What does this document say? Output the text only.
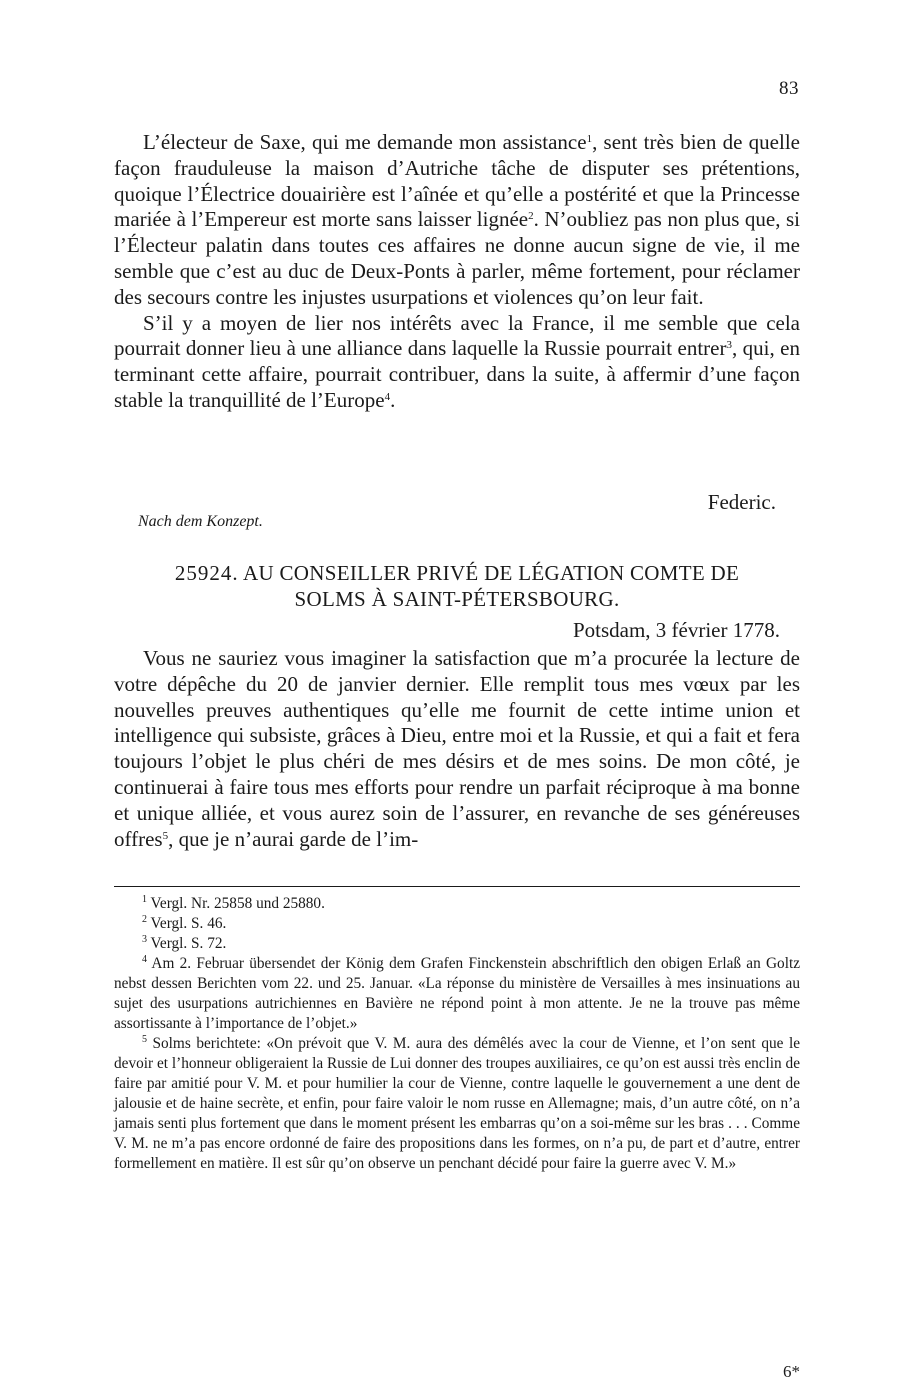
83

L’électeur de Saxe, qui me demande mon assistance$^1$, sent très bien de quelle façon frauduleuse la maison d’Autriche tâche de disputer ses prétentions, quoique l’Électrice douairière est l’aînée et qu’elle a postérité et que la Princesse mariée à l’Empereur est morte sans laisser lignée$^2$. N’oubliez pas non plus que, si l’Électeur palatin dans toutes ces affaires ne donne aucun signe de vie, il me semble que c’est au duc de Deux-Ponts à parler, même fortement, pour réclamer des secours contre les injustes usurpations et violences qu’on leur fait.

S’il y a moyen de lier nos intérêts avec la France, il me semble que cela pourrait donner lieu à une alliance dans laquelle la Russie pourrait entrer$^3$, qui, en terminant cette affaire, pourrait contribuer, dans la suite, à affermir d’une façon stable la tranquillité de l’Europe$^4$.

Federic.
Nach dem Konzept.
25924. AU CONSEILLER PRIVÉ DE LÉGATION COMTE DE
SOLMS À SAINT-PÉTERSBOURG.
Potsdam, 3 février 1778.

Vous ne sauriez vous imaginer la satisfaction que m’a procurée la lecture de votre dépêche du 20 de janvier dernier. Elle remplit tous mes vœux par les nouvelles preuves authentiques qu’elle me fournit de cette intime union et intelligence qui subsiste, grâces à Dieu, entre moi et la Russie, et qui a fait et fera toujours l’objet le plus chéri de mes désirs et de mes soins. De mon côté, je continuerai à faire tous mes efforts pour rendre un parfait réciproque à ma bonne et unique alliée, et vous aurez soin de l’assurer, en revanche de ses généreuses offres$^5$, que je n’aurai garde de l’im-

$^1$ Vergl. Nr. 25858 und 25880.

$^2$ Vergl. S. 46.

$^3$ Vergl. S. 72.

$^4$ Am 2. Februar übersendet der König dem Grafen Finckenstein abschriftlich den obigen Erlaß an Goltz nebst dessen Berichten vom 22. und 25. Januar. «La réponse du ministère de Versailles à mes insinuations au sujet des usurpations autrichiennes en Bavière ne répond point à mon attente. Je ne la trouve pas même assortissante à l’importance de l’objet.»

$^5$ Solms berichtete: «On prévoit que V. M. aura des démêlés avec la cour de Vienne, et l’on sent que le devoir et l’honneur obligeraient la Russie de Lui donner des troupes auxiliaires, ce qu’on est aussi très enclin de faire par amitié pour V. M. et pour humilier la cour de Vienne, contre laquelle le gouvernement a une dent de jalousie et de haine secrète, et enfin, pour faire valoir le nom russe en Allemagne; mais, d’un autre côté, on n’a jamais senti plus fortement que dans le moment présent les embarras qu’on a soi-même sur les bras . . . Comme V. M. ne m’a pas encore ordonné de faire des propositions dans les formes, on n’a pu, de part et d’autre, entrer formellement en matière. Il est sûr qu’on observe un penchant décidé pour faire la guerre avec V. M.»

6*
